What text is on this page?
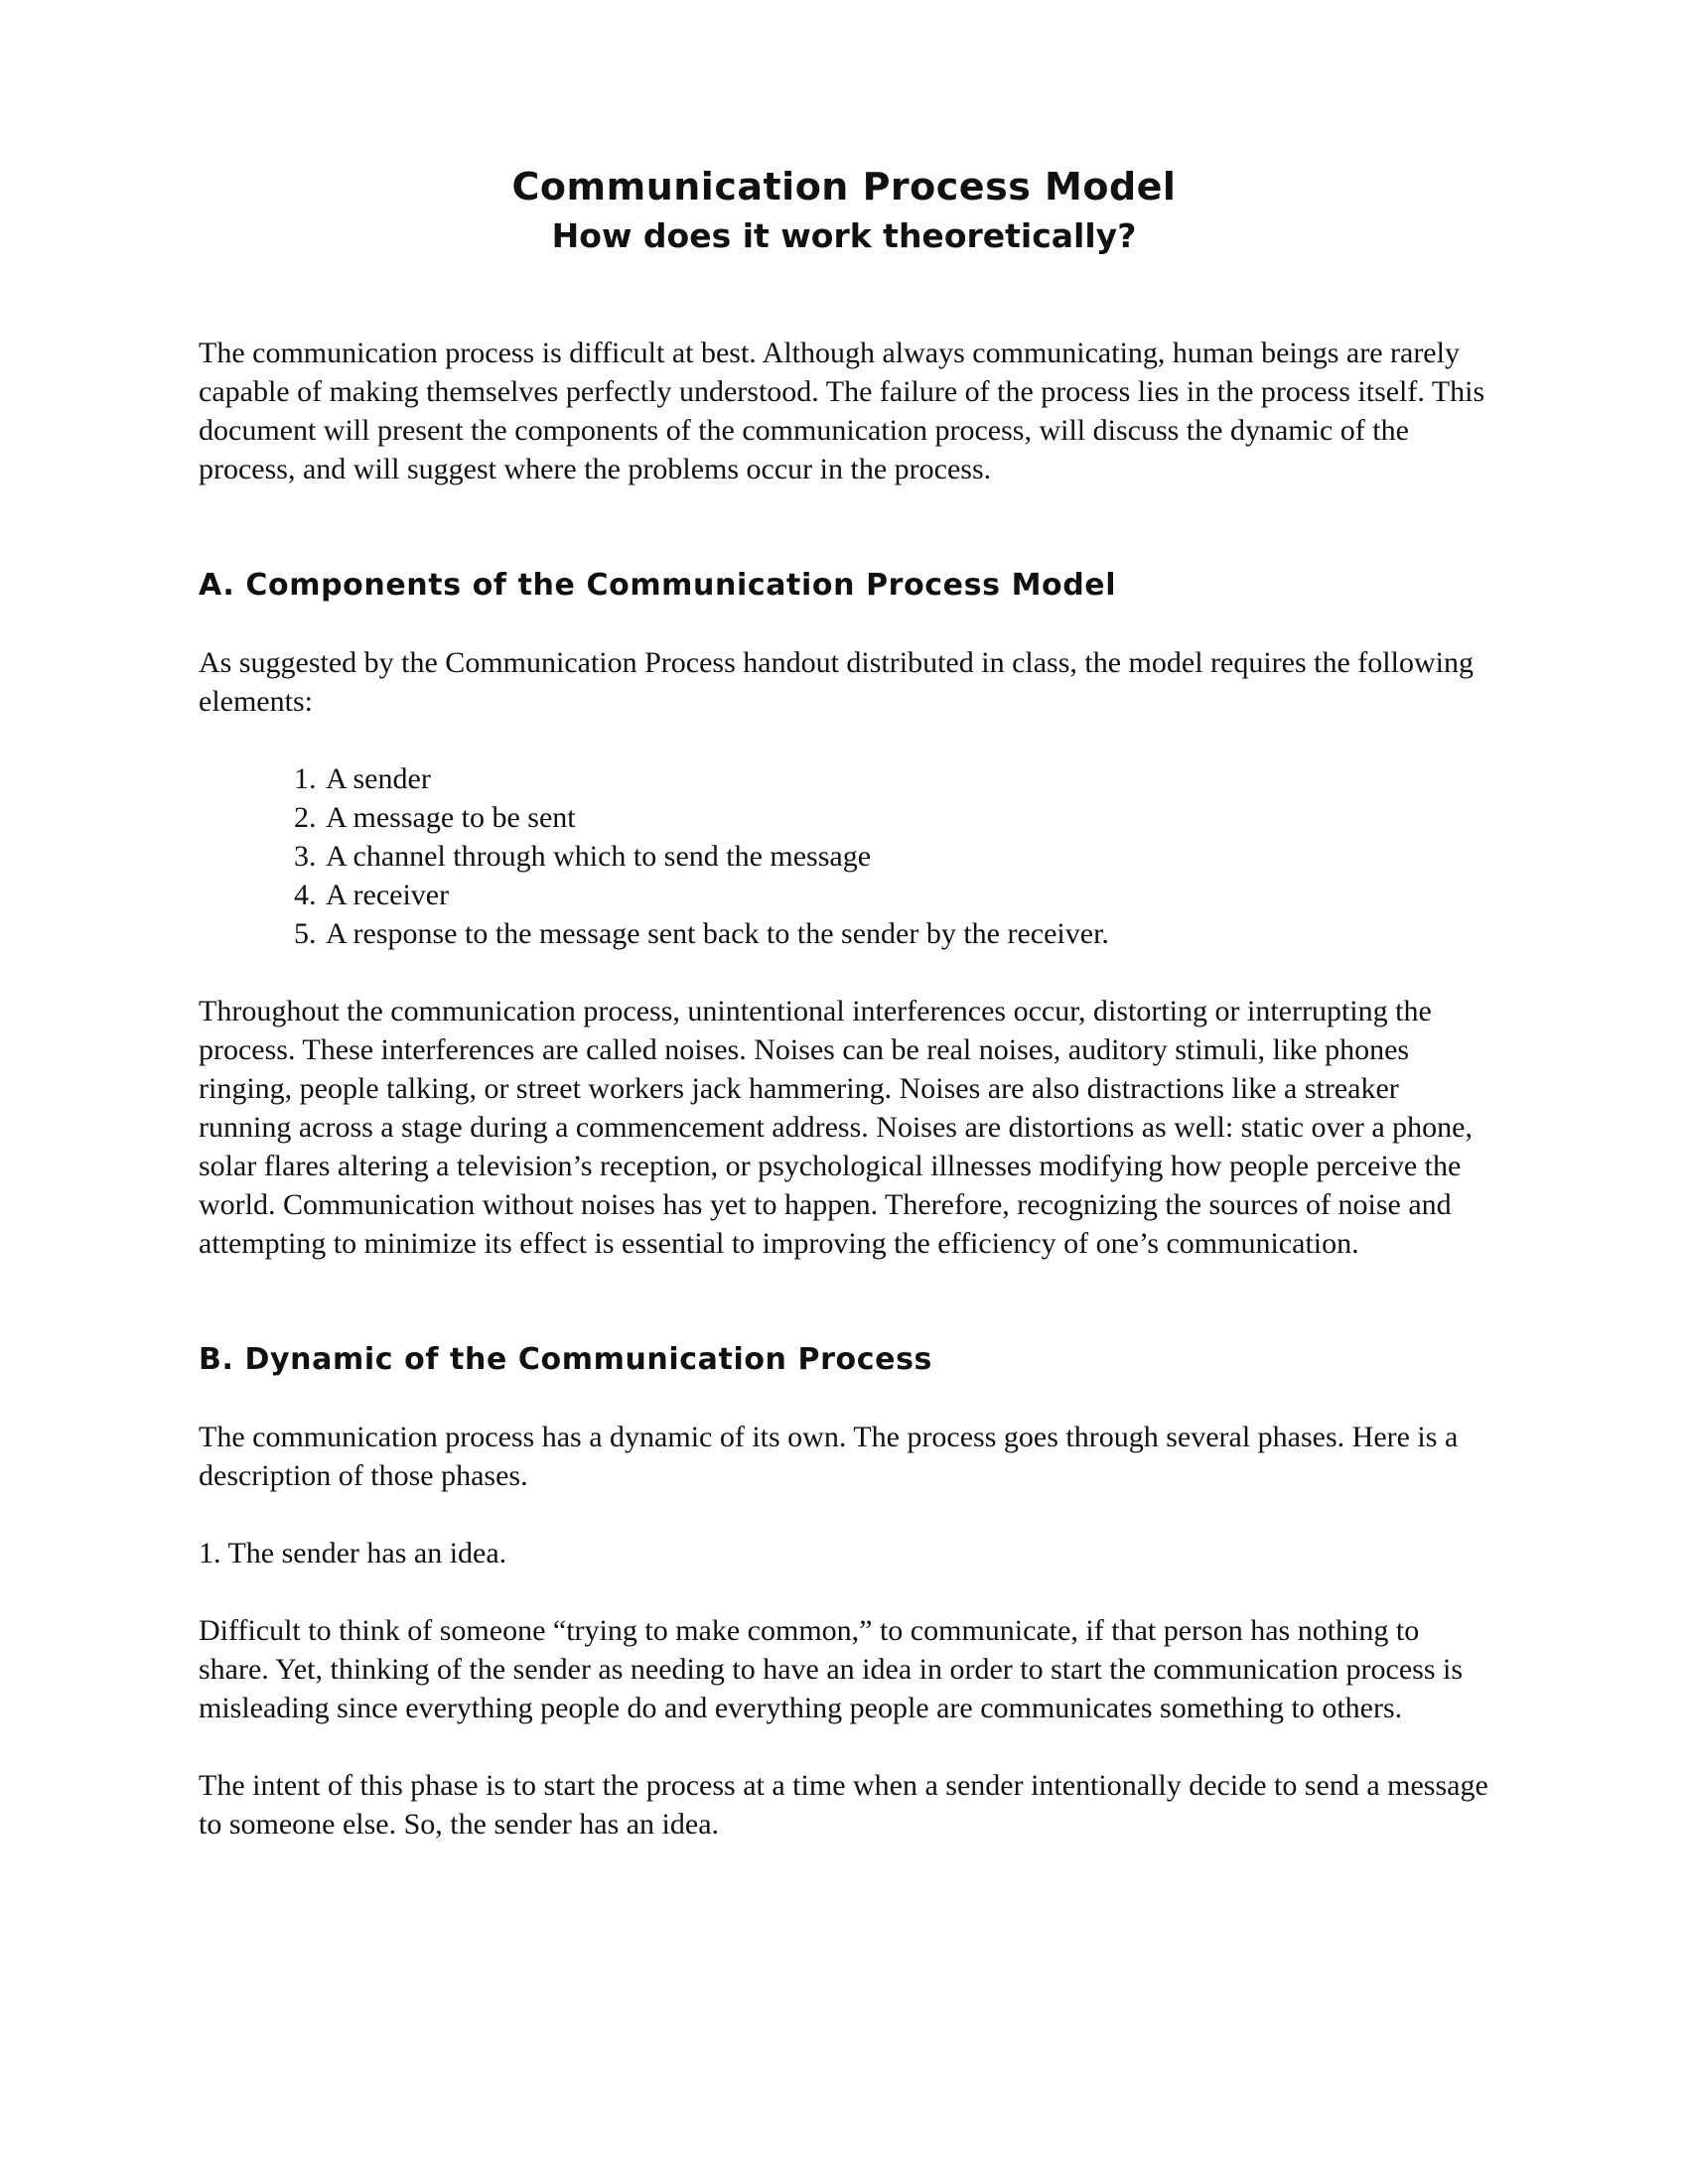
Communication Process Model
How does it work theoretically?

The communication process is difficult at best. Although always communicating, human beings are rarely capable of making themselves perfectly understood. The failure of the process lies in the process itself. This document will present the components of the communication process, will discuss the dynamic of the process, and will suggest where the problems occur in the process.

A. Components of the Communication Process Model

As suggested by the Communication Process handout distributed in class, the model requires the following elements:

1. A sender
2. A message to be sent
3. A channel through which to send the message
4. A receiver
5. A response to the message sent back to the sender by the receiver.

Throughout the communication process, unintentional interferences occur, distorting or interrupting the process. These interferences are called noises. Noises can be real noises, auditory stimuli, like phones ringing, people talking, or street workers jack hammering. Noises are also distractions like a streaker running across a stage during a commencement address. Noises are distortions as well: static over a phone, solar flares altering a television’s reception, or psychological illnesses modifying how people perceive the world. Communication without noises has yet to happen. Therefore, recognizing the sources of noise and attempting to minimize its effect is essential to improving the efficiency of one’s communication.

B. Dynamic of the Communication Process

The communication process has a dynamic of its own. The process goes through several phases. Here is a description of those phases.

1. The sender has an idea.

Difficult to think of someone “trying to make common,” to communicate, if that person has nothing to share. Yet, thinking of the sender as needing to have an idea in order to start the communication process is misleading since everything people do and everything people are communicates something to others.

The intent of this phase is to start the process at a time when a sender intentionally decide to send a message to someone else. So, the sender has an idea.
